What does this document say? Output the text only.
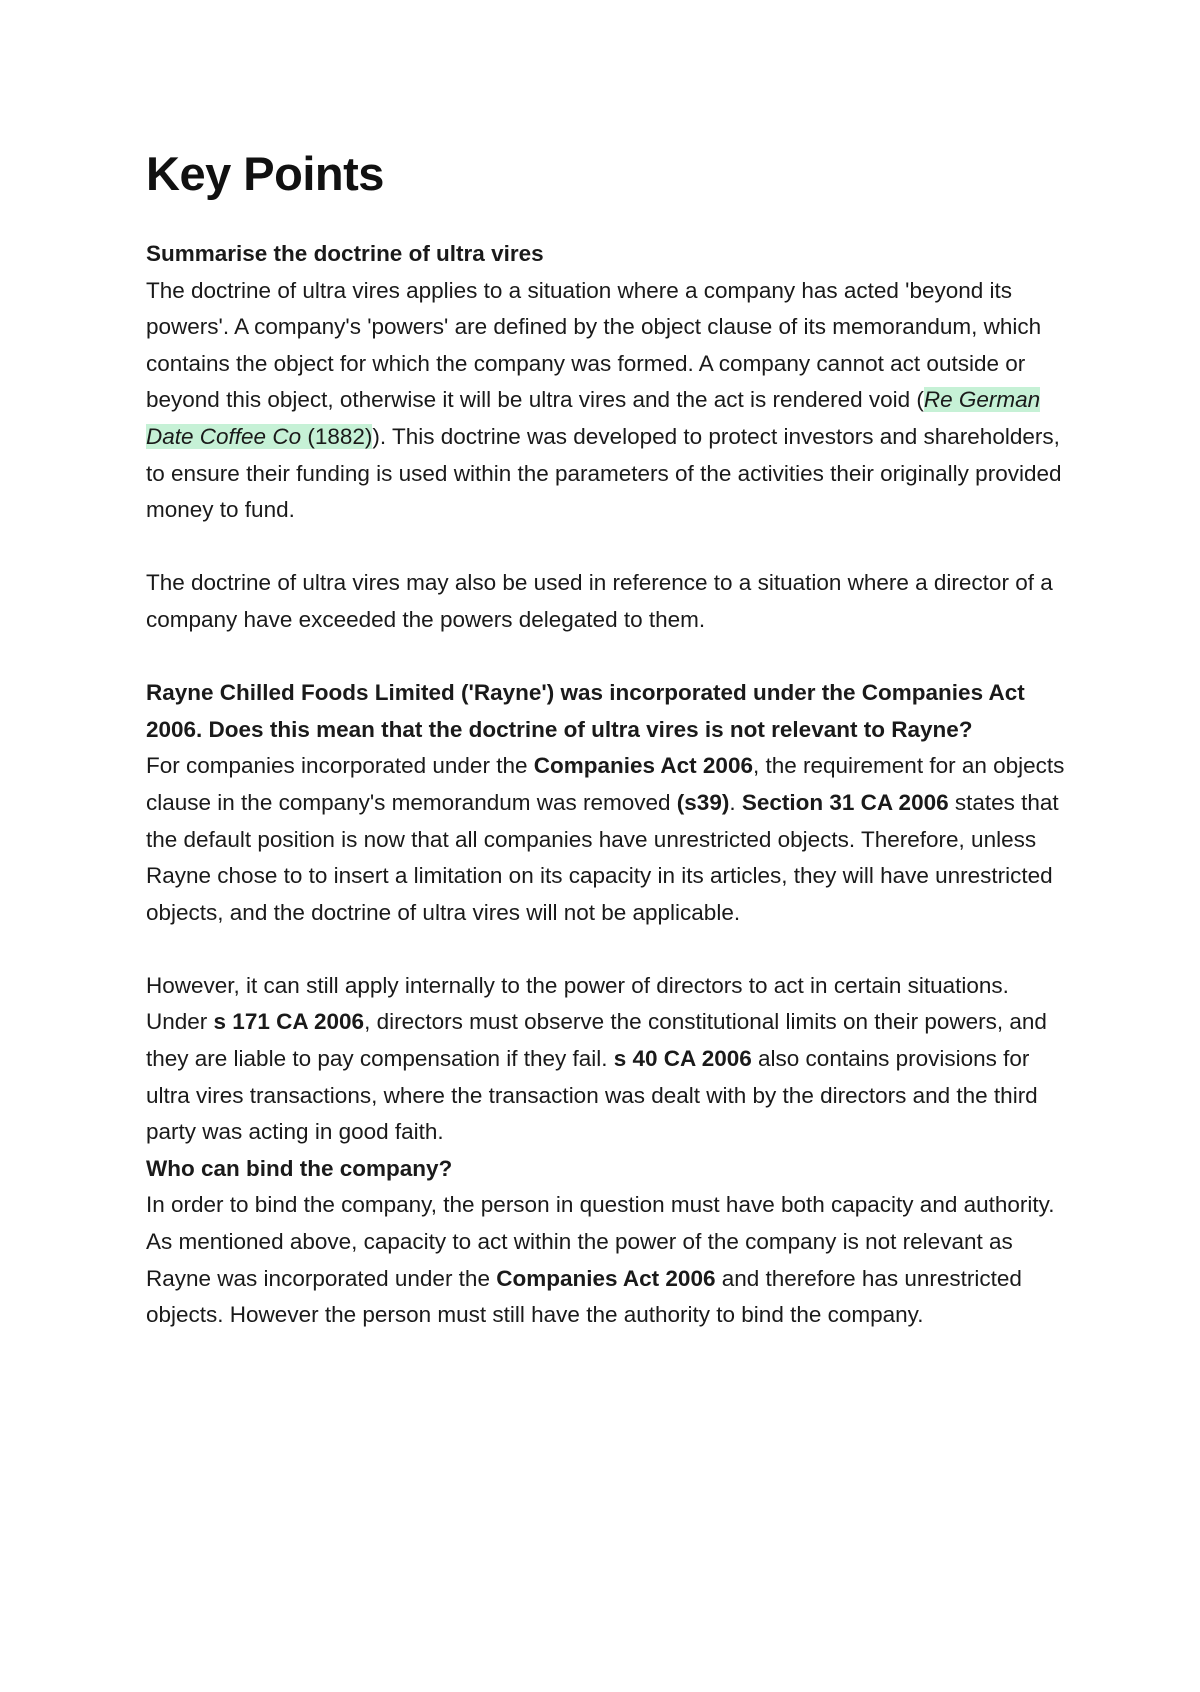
Key Points

Summarise the doctrine of ultra vires

The doctrine of ultra vires applies to a situation where a company has acted 'beyond its powers'. A company's 'powers' are defined by the object clause of its memorandum, which contains the object for which the company was formed. A company cannot act outside or beyond this object, otherwise it will be ultra vires and the act is rendered void (Re German Date Coffee Co (1882)). This doctrine was developed to protect investors and shareholders, to ensure their funding is used within the parameters of the activities their originally provided money to fund.

The doctrine of ultra vires may also be used in reference to a situation where a director of a company have exceeded the powers delegated to them.

Rayne Chilled Foods Limited ('Rayne') was incorporated under the Companies Act 2006. Does this mean that the doctrine of ultra vires is not relevant to Rayne?

For companies incorporated under the Companies Act 2006, the requirement for an objects clause in the company's memorandum was removed (s39). Section 31 CA 2006 states that the default position is now that all companies have unrestricted objects. Therefore, unless Rayne chose to to insert a limitation on its capacity in its articles, they will have unrestricted objects, and the doctrine of ultra vires will not be applicable.

However, it can still apply internally to the power of directors to act in certain situations. Under s 171 CA 2006, directors must observe the constitutional limits on their powers, and they are liable to pay compensation if they fail. s 40 CA 2006 also contains provisions for ultra vires transactions, where the transaction was dealt with by the directors and the third party was acting in good faith.

Who can bind the company?

In order to bind the company, the person in question must have both capacity and authority. As mentioned above, capacity to act within the power of the company is not relevant as Rayne was incorporated under the Companies Act 2006 and therefore has unrestricted objects. However the person must still have the authority to bind the company.
